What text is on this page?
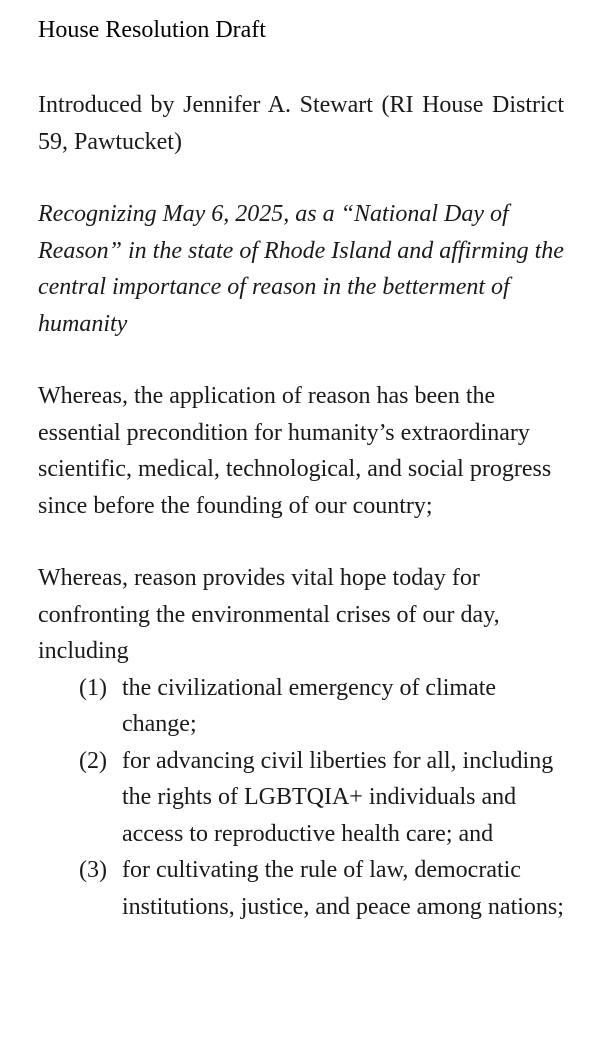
House Resolution Draft

Introduced by Jennifer A. Stewart (RI House District 59, Pawtucket)

Recognizing May 6, 2025, as a “National Day of Reason” in the state of Rhode Island and affirming the central importance of reason in the betterment of humanity

Whereas, the application of reason has been the essential precondition for humanity’s extraordinary scientific, medical, technological, and social progress since before the founding of our country;

Whereas, reason provides vital hope today for confronting the environmental crises of our day, including

(1) the civilizational emergency of climate change;
(2) for advancing civil liberties for all, including the rights of LGBTQIA+ individuals and access to reproductive health care; and
(3) for cultivating the rule of law, democratic institutions, justice, and peace among nations;
